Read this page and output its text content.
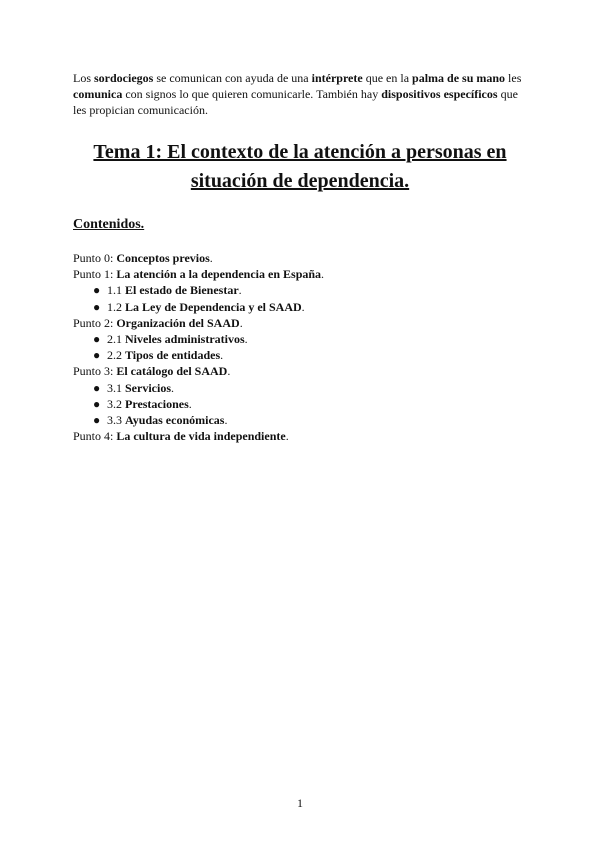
Los sordociegos se comunican con ayuda de una intérprete que en la palma de su mano les comunica con signos lo que quieren comunicarle. También hay dispositivos específicos que les propician comunicación.

Tema 1: El contexto de la atención a personas en
situación de dependencia.
Contenidos.
Punto 0: Conceptos previos.
Punto 1: La atención a la dependencia en España.
● 1.1 El estado de Bienestar.
● 1.2 La Ley de Dependencia y el SAAD.
Punto 2: Organización del SAAD.
● 2.1 Niveles administrativos.
● 2.2 Tipos de entidades.
Punto 3: El catálogo del SAAD.
● 3.1 Servicios.
● 3.2 Prestaciones.
● 3.3 Ayudas económicas.
Punto 4: La cultura de vida independiente.
1
